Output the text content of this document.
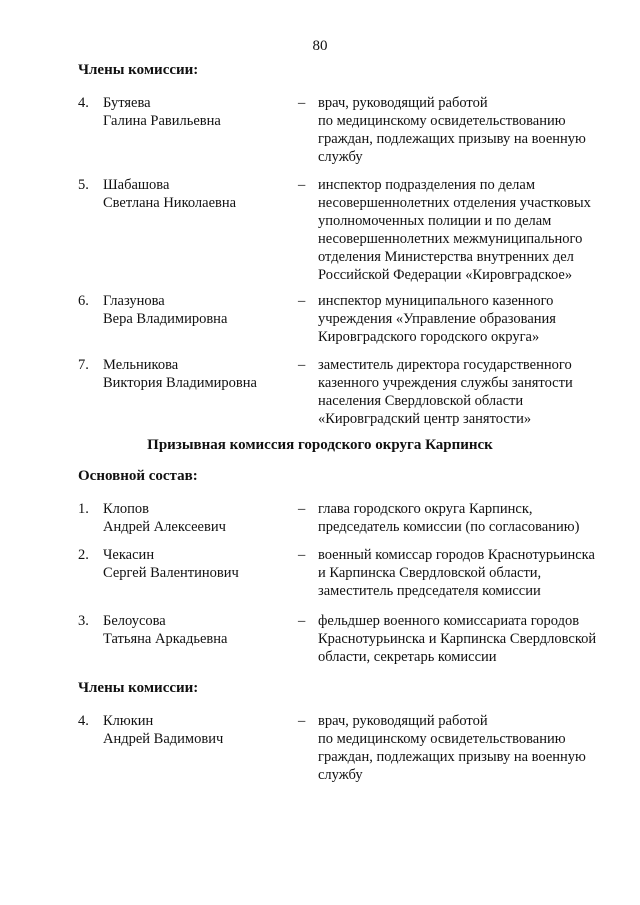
80
Члены комиссии:
4. Бутяева
Галина Равильевна
– врач, руководящий работой
по медицинскому освидетельствованию
граждан, подлежащих призыву на военную
службу
5. Шабашова
Светлана Николаевна
– инспектор подразделения по делам
несовершеннолетних отделения участковых
уполномоченных полиции и по делам
несовершеннолетних межмуниципального
отделения Министерства внутренних дел
Российской Федерации «Кировградское»
6. Глазунова
Вера Владимировна
– инспектор муниципального казенного
учреждения «Управление образования
Кировградского городского округа»
7. Мельникова
Виктория Владимировна
– заместитель директора государственного
казенного учреждения службы занятости
населения Свердловской области
«Кировградский центр занятости»
Призывная комиссия городского округа Карпинск
Основной состав:
1. Клопов
Андрей Алексеевич
– глава городского округа Карпинск,
председатель комиссии (по согласованию)
2. Чекасин
Сергей Валентинович
– военный комиссар городов Краснотурьинска
и Карпинска Свердловской области,
заместитель председателя комиссии
3. Белоусова
Татьяна Аркадьевна
– фельдшер военного комиссариата городов
Краснотурьинска и Карпинска Свердловской
области, секретарь комиссии
Члены комиссии:
4. Клюкин
Андрей Вадимович
– врач, руководящий работой
по медицинскому освидетельствованию
граждан, подлежащих призыву на военную
службу
